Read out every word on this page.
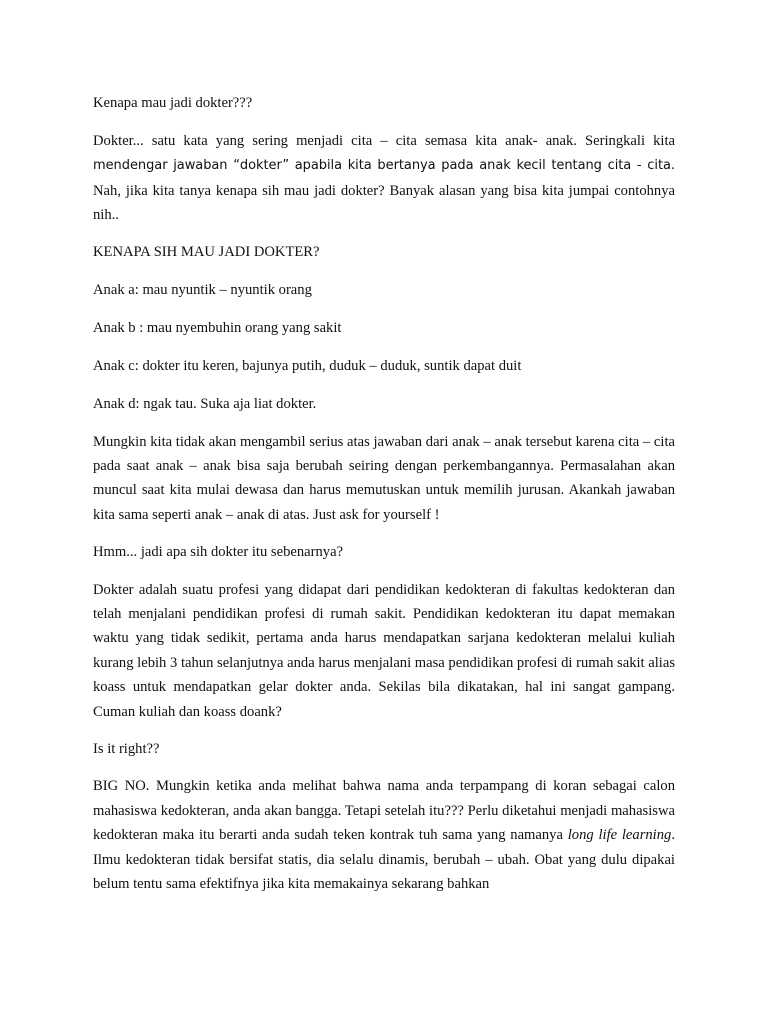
Kenapa mau jadi dokter???

Dokter... satu kata yang sering menjadi cita – cita semasa kita anak- anak. Seringkali kita mendengar jawaban “dokter” apabila kita bertanya pada anak kecil tentang cita - cita. Nah, jika kita tanya kenapa sih mau jadi dokter? Banyak alasan yang bisa kita jumpai contohnya nih..

KENAPA SIH MAU JADI DOKTER?

Anak a: mau nyuntik – nyuntik orang

Anak b : mau nyembuhin orang yang sakit

Anak c: dokter itu keren, bajunya putih, duduk – duduk, suntik dapat duit

Anak d: ngak tau. Suka aja liat dokter.

Mungkin kita tidak akan mengambil serius atas jawaban dari anak – anak tersebut karena cita – cita pada saat anak – anak bisa saja berubah seiring dengan perkembangannya. Permasalahan akan muncul saat kita mulai dewasa dan harus memutuskan untuk memilih jurusan. Akankah jawaban kita sama seperti anak – anak di atas. Just ask for yourself !

Hmm... jadi apa sih dokter itu sebenarnya?

Dokter adalah suatu profesi yang didapat dari pendidikan kedokteran di fakultas kedokteran dan telah menjalani pendidikan profesi di rumah sakit. Pendidikan kedokteran itu dapat memakan waktu yang tidak sedikit, pertama anda harus mendapatkan sarjana kedokteran melalui kuliah kurang lebih 3 tahun selanjutnya anda harus menjalani masa pendidikan profesi di rumah sakit alias koass untuk mendapatkan gelar dokter anda. Sekilas bila dikatakan, hal ini sangat gampang. Cuman kuliah dan koass doank?

Is it right??

BIG NO. Mungkin ketika anda melihat bahwa nama anda terpampang di koran sebagai calon mahasiswa kedokteran, anda akan bangga. Tetapi setelah itu??? Perlu diketahui menjadi mahasiswa kedokteran maka itu berarti anda sudah teken kontrak tuh sama yang namanya long life learning. Ilmu kedokteran tidak bersifat statis, dia selalu dinamis, berubah – ubah. Obat yang dulu dipakai belum tentu sama efektifnya jika kita memakainya sekarang bahkan
